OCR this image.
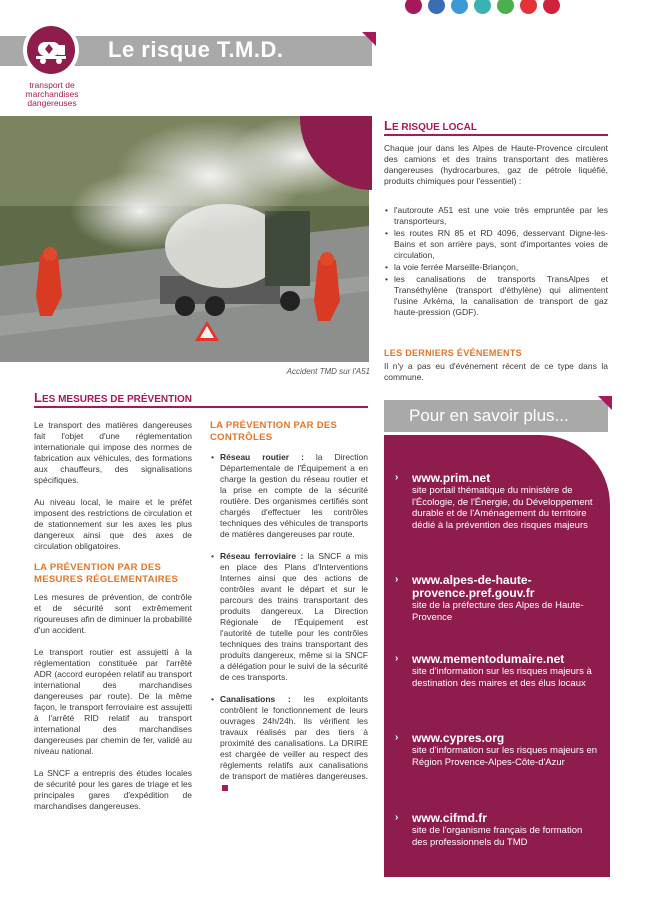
Le risque T.M.D.
transport de
marchandises
dangereuses
Accident TMD sur l'A51
LE RISQUE LOCAL
Chaque jour dans les Alpes de Haute-Provence circulent des camions et des trains transportant des matières dangereuses (hydrocarbures, gaz de pétrole liquéfié, produits chimiques pour l'essentiel) :
• l'autoroute A51 est une voie très empruntée par les transporteurs,
• les routes RN 85 et RD 4096, desservant Digne-les-Bains et son arrière pays, sont d'importantes voies de circulation,
• la voie ferrée Marseille-Briançon,
• les canalisations de transports TransAlpes et Transéthylène (transport d'éthylène) qui alimentent l'usine Arkéma, la canalisation de transport de gaz haute-pression (GDF).
LES DERNIERS ÉVÉNEMENTS
Il n'y a pas eu d'événement récent de ce type dans la commune.
LES MESURES DE PRÉVENTION
Le transport des matières dangereuses fait l'objet d'une réglementation internationale qui impose des normes de fabrication aux véhicules, des formations aux chauffeurs, des signalisations spécifiques.
Au niveau local, le maire et le préfet imposent des restrictions de circulation et de stationnement sur les axes les plus dangereux ainsi que des axes de circulation obligatoires.
LA PRÉVENTION PAR DES MESURES RÉGLEMENTAIRES
Les mesures de prévention, de contrôle et de sécurité sont extrêmement rigoureuses afin de diminuer la probabilité d'un accident.
Le transport routier est assujetti à la réglementation constituée par l'arrêté ADR (accord européen relatif au transport international des marchandises dangereuses par route). De la même façon, le transport ferroviaire est assujetti à l'arrêté RID relatif au transport international des marchandises dangereuses par chemin de fer, validé au niveau national.
La SNCF a entrepris des études locales de sécurité pour les gares de triage et les principales gares d'expédition de marchandises dangereuses.
LA PRÉVENTION PAR DES CONTRÔLES
• Réseau routier : la Direction Départementale de l'Équipement a en charge la gestion du réseau routier et la prise en compte de la sécurité routière. Des organismes certifiés sont chargés d'effectuer les contrôles techniques des véhicules de transports de matières dangereuses par route.
• Réseau ferroviaire : la SNCF a mis en place des Plans d'Interventions Internes ainsi que des actions de contrôles avant le départ et sur le parcours des trains transportant des produits dangereux. La Direction Régionale de l'Équipement est l'autorité de tutelle pour les contrôles techniques des trains transportant des produits dangereux, même si la SNCF a délégation pour le suivi de la sécurité de ces transports.
• Canalisations : les exploitants contrôlent le fonctionnement de leurs ouvrages 24h/24h. Ils vérifient les travaux réalisés par des tiers à proximité des canalisations. La DRIRE est chargée de veiller au respect des règlements relatifs aux canalisations de transport de matières dangereuses.
Pour en savoir plus...
› www.prim.net
site portail thématique du ministère de l'Écologie, de l'Énergie, du Développement durable et de l'Aménagement du territoire dédié à la prévention des risques majeurs
› www.alpes-de-haute-provence.pref.gouv.fr
site de la préfecture des Alpes de Haute-Provence
› www.mementodumaire.net
site d'information sur les risques majeurs à destination des maires et des élus locaux
› www.cypres.org
site d'information sur les risques majeurs en Région Provence-Alpes-Côte-d'Azur
› www.cifmd.fr
site de l'organisme français de formation des professionnels du TMD
